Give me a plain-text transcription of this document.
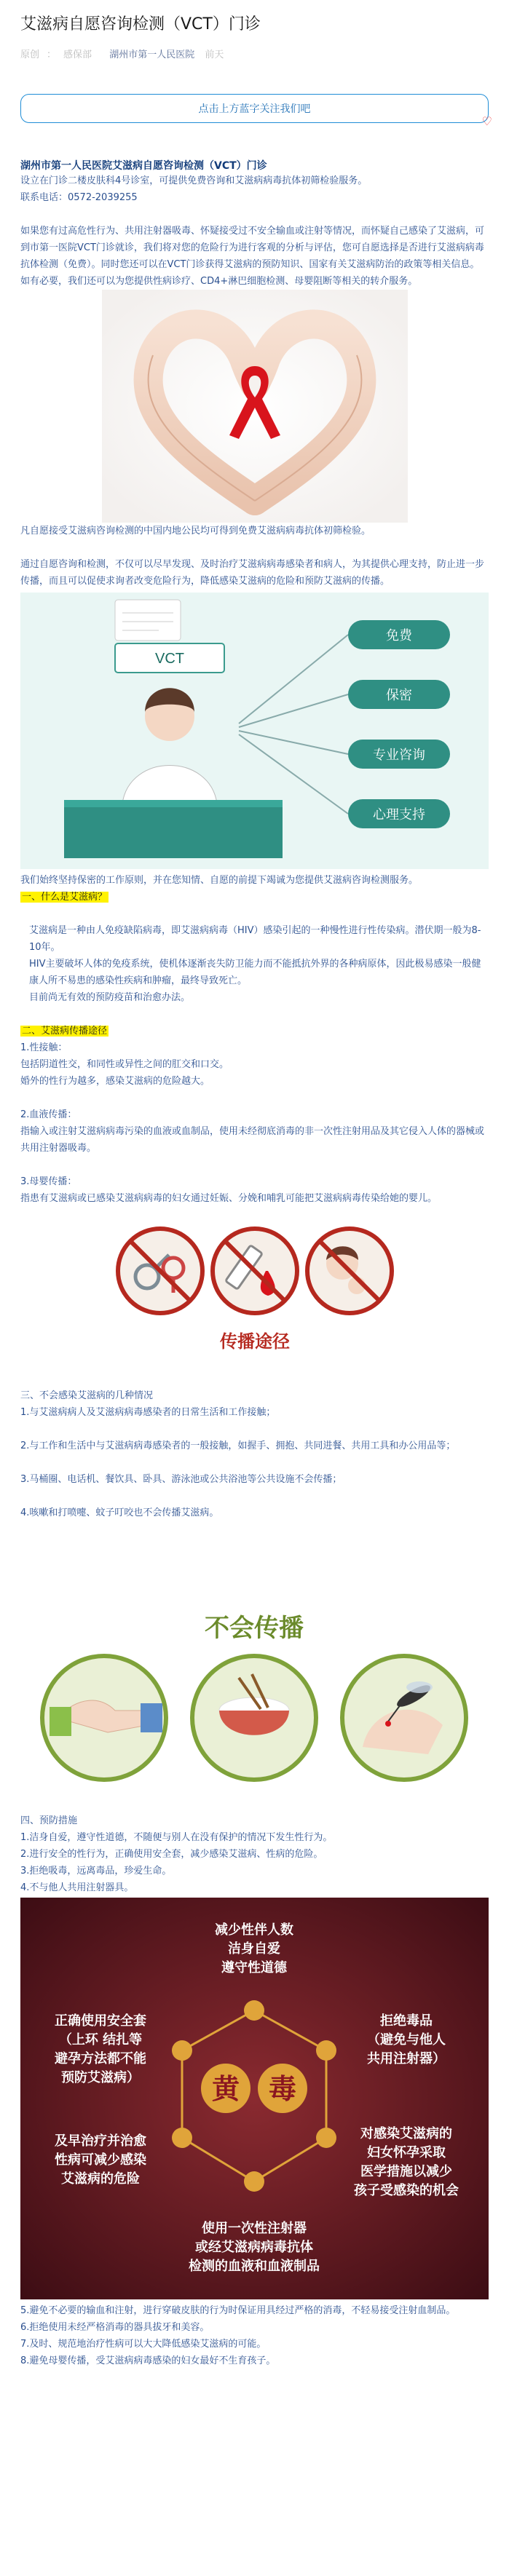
艾滋病自愿咨询检测（VCT）门诊
原创 ： 感保部 湖州市第一人民医院 前天
点击上方蓝字关注我们吧
♡
湖州市第一人民医院艾滋病自愿咨询检测（VCT）门诊

设立在门诊二楼皮肤科4号诊室，可提供免费咨询和艾滋病病毒抗体初筛检验服务。

联系电话：0572-2039255

如果您有过高危性行为、共用注射器吸毒、怀疑接受过不安全输血或注射等情况，而怀疑自己感染了艾滋病，可到市第一医院VCT门诊就诊，我们将对您的危险行为进行客观的分析与评估，您可自愿选择是否进行艾滋病病毒抗体检测（免费）。同时您还可以在VCT门诊获得艾滋病的预防知识、国家有关艾滋病防治的政策等相关信息。如有必要，我们还可以为您提供性病诊疗、CD4+淋巴细胞检测、母婴阻断等相关的转介服务。

凡自愿接受艾滋病咨询检测的中国内地公民均可得到免费艾滋病病毒抗体初筛检验。

通过自愿咨询和检测，不仅可以尽早发现、及时治疗艾滋病病毒感染者和病人，为其提供心理支持，防止进一步传播，而且可以促使求询者改变危险行为，降低感染艾滋病的危险和预防艾滋病的传播。

VCT
免费
保密
专业咨询
心理支持

我们始终坚持保密的工作原则，并在您知情、自愿的前提下竭诚为您提供艾滋病咨询检测服务。

一、什么是艾滋病？

艾滋病是一种由人免疫缺陷病毒，即艾滋病病毒（HIV）感染引起的一种慢性进行性传染病。潜伏期一般为8-10年。

HIV主要破坏人体的免疫系统，使机体逐渐丧失防卫能力而不能抵抗外界的各种病原体，因此极易感染一般健康人所不易患的感染性疾病和肿瘤，最终导致死亡。

目前尚无有效的预防疫苗和治愈办法。

二、艾滋病传播途径

1.性接触：

包括阴道性交，和同性或异性之间的肛交和口交。

婚外的性行为越多，感染艾滋病的危险越大。

2.血液传播：

指输入或注射艾滋病病毒污染的血液或血制品，使用未经彻底消毒的非一次性注射用品及其它侵入人体的器械或共用注射器吸毒。

3.母婴传播：

指患有艾滋病或已感染艾滋病病毒的妇女通过妊娠、分娩和哺乳可能把艾滋病病毒传染给她的婴儿。

传播途径

三、不会感染艾滋病的几种情况

1.与艾滋病病人及艾滋病病毒感染者的日常生活和工作接触；

2.与工作和生活中与艾滋病病毒感染者的一般接触，如握手、拥抱、共同进餐、共用工具和办公用品等；

3.马桶圈、电话机、餐饮具、卧具、游泳池或公共浴池等公共设施不会传播；

4.咳嗽和打喷嚏、蚊子叮咬也不会传播艾滋病。

不会传播

四、预防措施

1.洁身自爱，遵守性道德，不随便与别人在没有保护的情况下发生性行为。

2.进行安全的性行为，正确使用安全套，减少感染艾滋病、性病的危险。

3.拒绝吸毒，远离毒品，珍爱生命。

4.不与他人共用注射器具。

黄 毒
减少性伴人数洁身自爱遵守性道德
正确使用安全套（上环 结扎等避孕方法都不能预防艾滋病）
拒绝毒品（避免与他人共用注射器）
及早治疗并治愈性病可减少感染艾滋病的危险
对感染艾滋病的妇女怀孕采取医学措施以减少孩子受感染的机会
使用一次性注射器或经艾滋病病毒抗体检测的血液和血液制品

5.避免不必要的输血和注射，进行穿破皮肤的行为时保证用具经过严格的消毒，不轻易接受注射血制品。

6.拒绝使用未经严格消毒的器具拔牙和美容。

7.及时、规范地治疗性病可以大大降低感染艾滋病的可能。

8.避免母婴传播，受艾滋病病毒感染的妇女最好不生育孩子。
